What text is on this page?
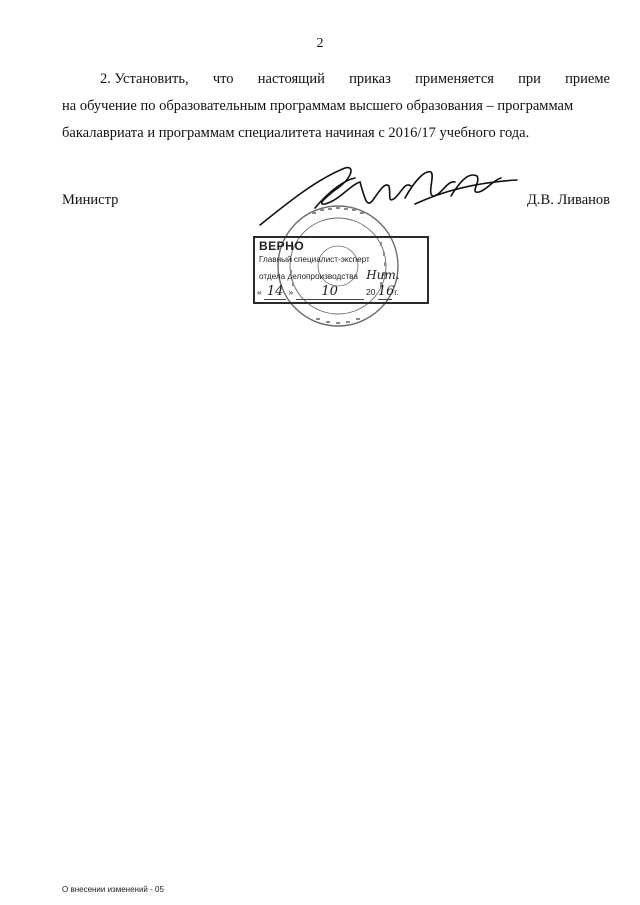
2
2. Установить, что настоящий приказ применяется при приеме
на обучение по образовательным программам высшего образования – программам
бакалавриата и программам специалитета начиная с 2016/17 учебного года.
Министр	Д.В. Ливанов
ВЕРНО
Главный специалист-эксперт
отдела делопроизводства Нит.
« 14 » 10	20 16 г.
О внесении изменений - 05
